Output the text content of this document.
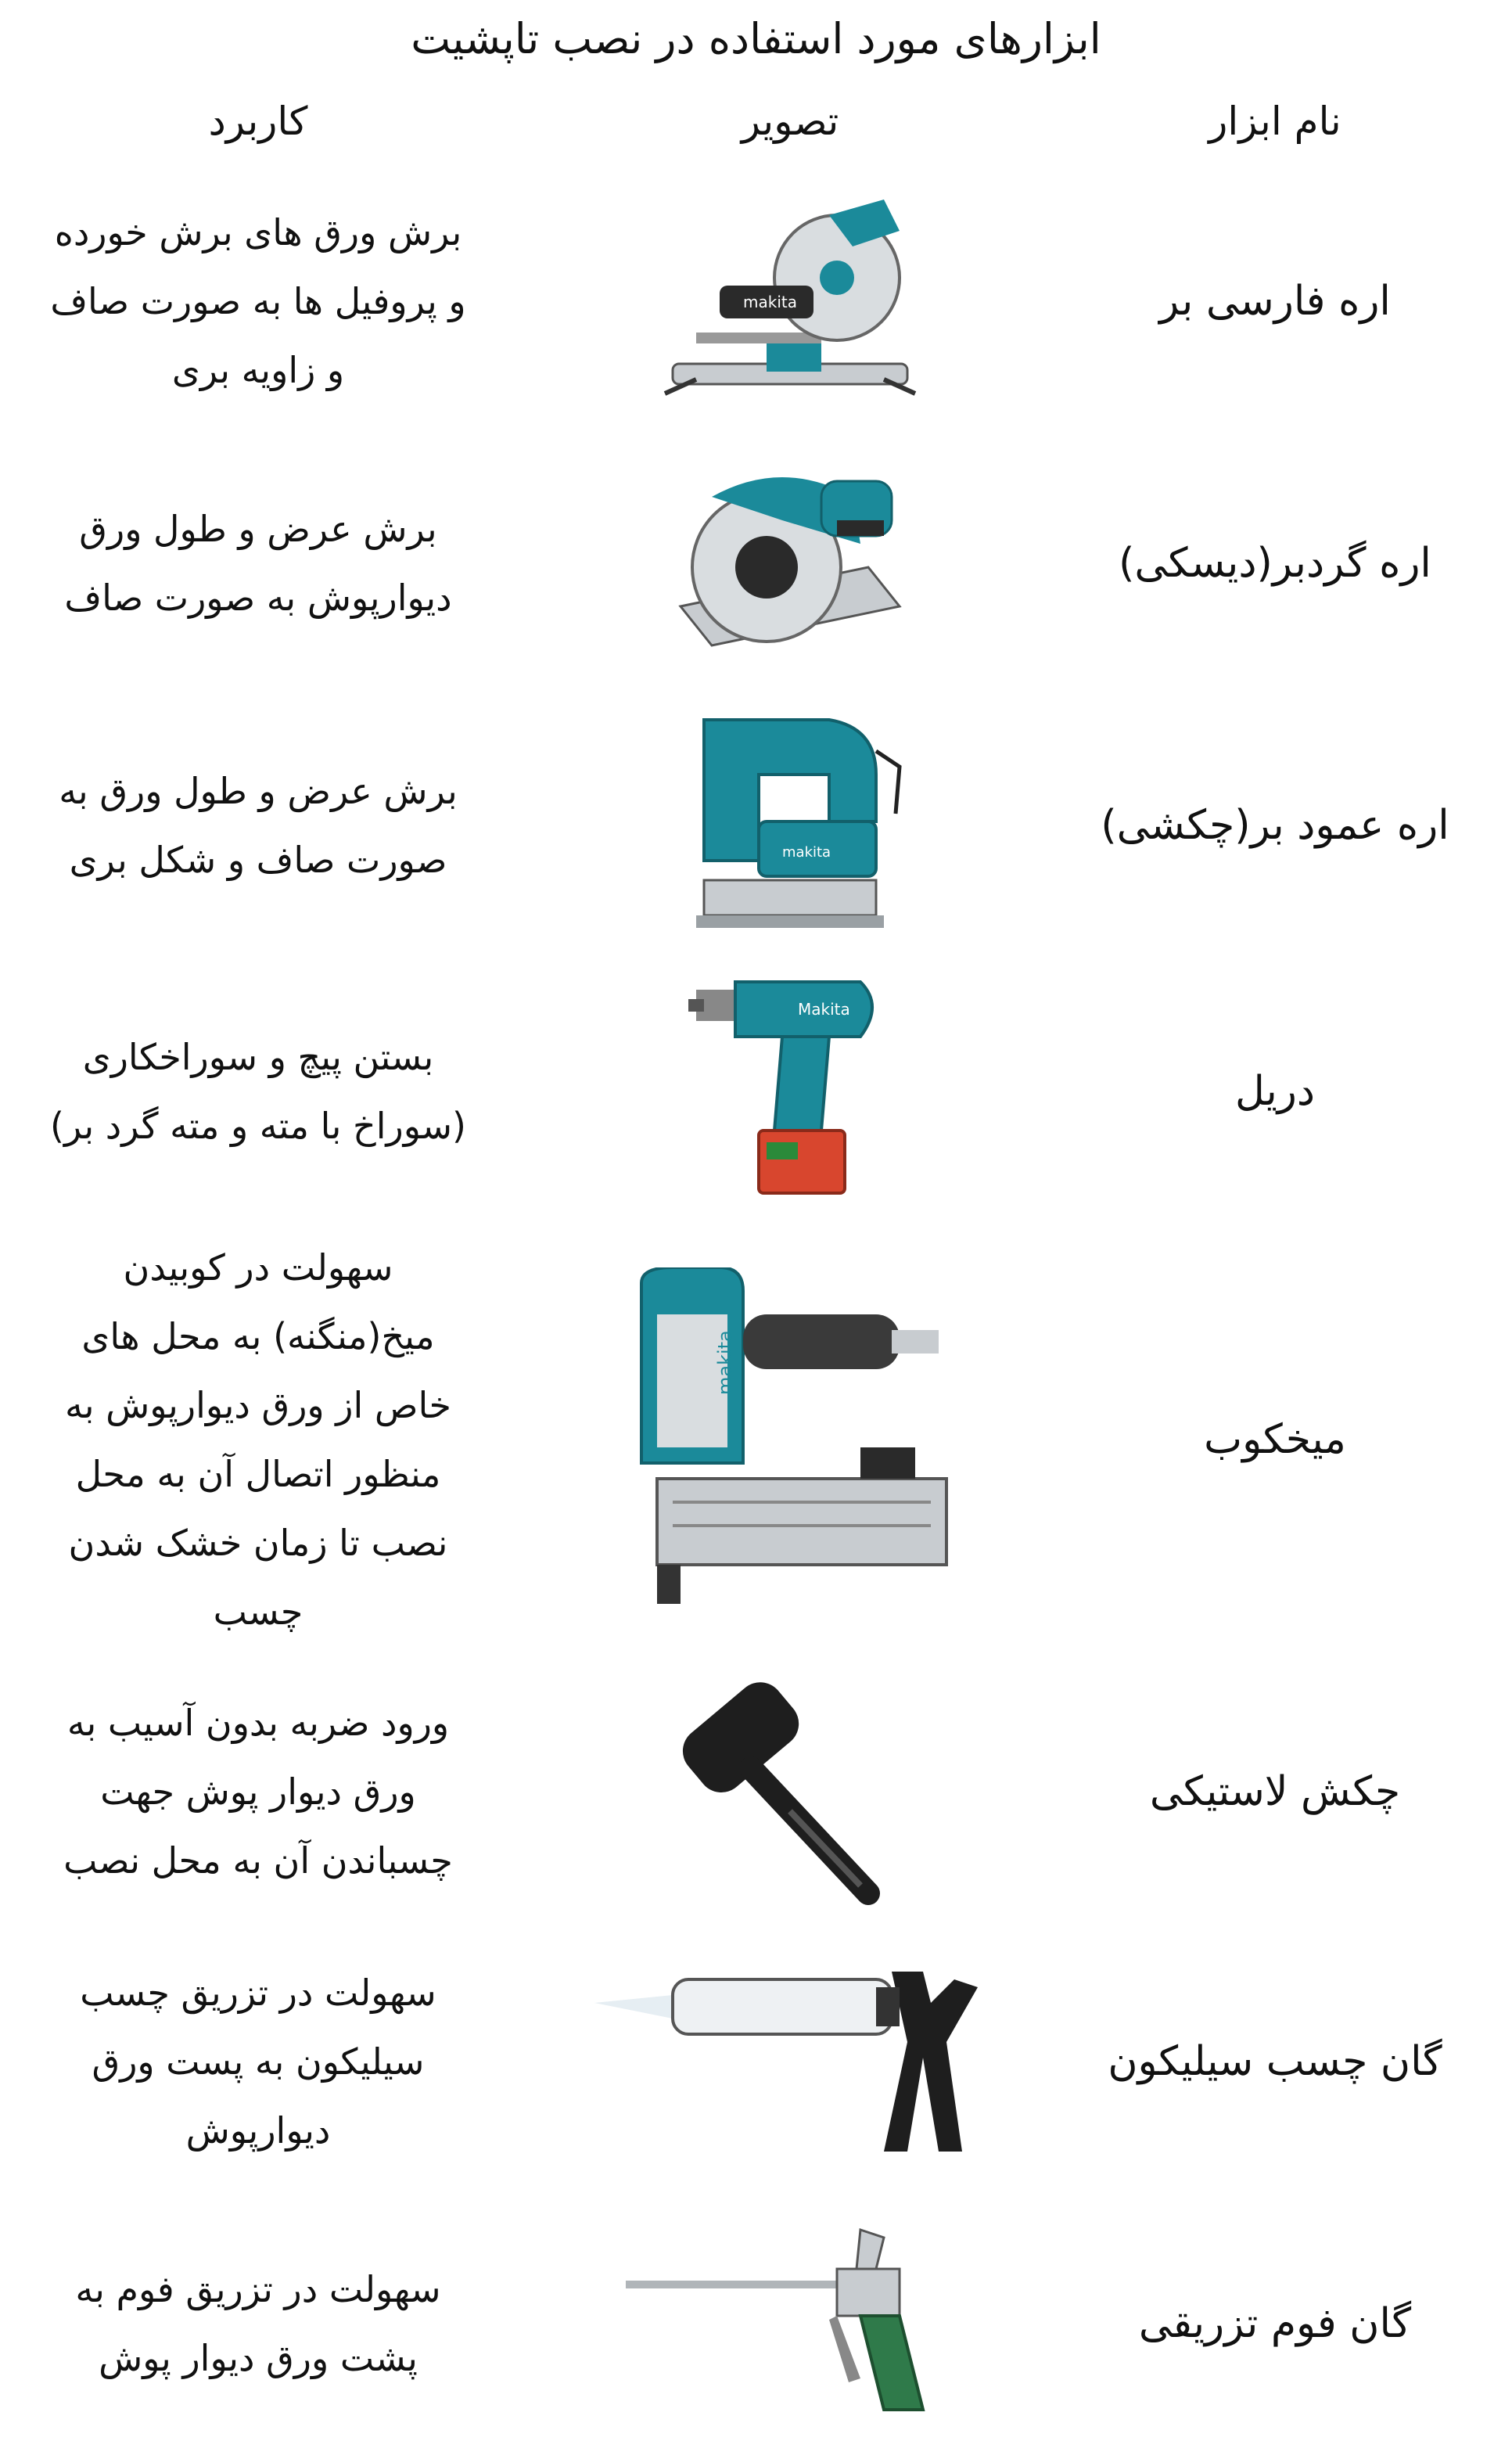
ابزارهای مورد استفاده در نصب تاپشیت
نام ابزار
تصویر
کاربرد
اره فارسی بر
makita
برش ورق های برش خورده
و پروفیل ها به صورت صاف
و زاویه بری
اره گردبر(دیسکی)
برش عرض و طول ورق
دیوارپوش به صورت صاف
اره عمود بر(چکشی)
makita
برش عرض و طول ورق به
صورت صاف و شکل بری
دریل
Makita
بستن پیچ و سوراخکاری
(سوراخ با مته و مته گرد بر)
میخکوب
makita
سهولت در کوبیدن
میخ(منگنه) به محل های
خاص از ورق دیوارپوش به
منظور اتصال آن به محل
نصب تا زمان خشک شدن
چسب
چکش لاستیکی
ورود ضربه بدون آسیب به
ورق دیوار پوش جهت
چسباندن آن به محل نصب
گان چسب سیلیکون
سهولت در تزریق چسب
سیلیکون به پست ورق
دیوارپوش
گان فوم تزریقی
سهولت در تزریق فوم به
پشت ورق دیوار پوش
